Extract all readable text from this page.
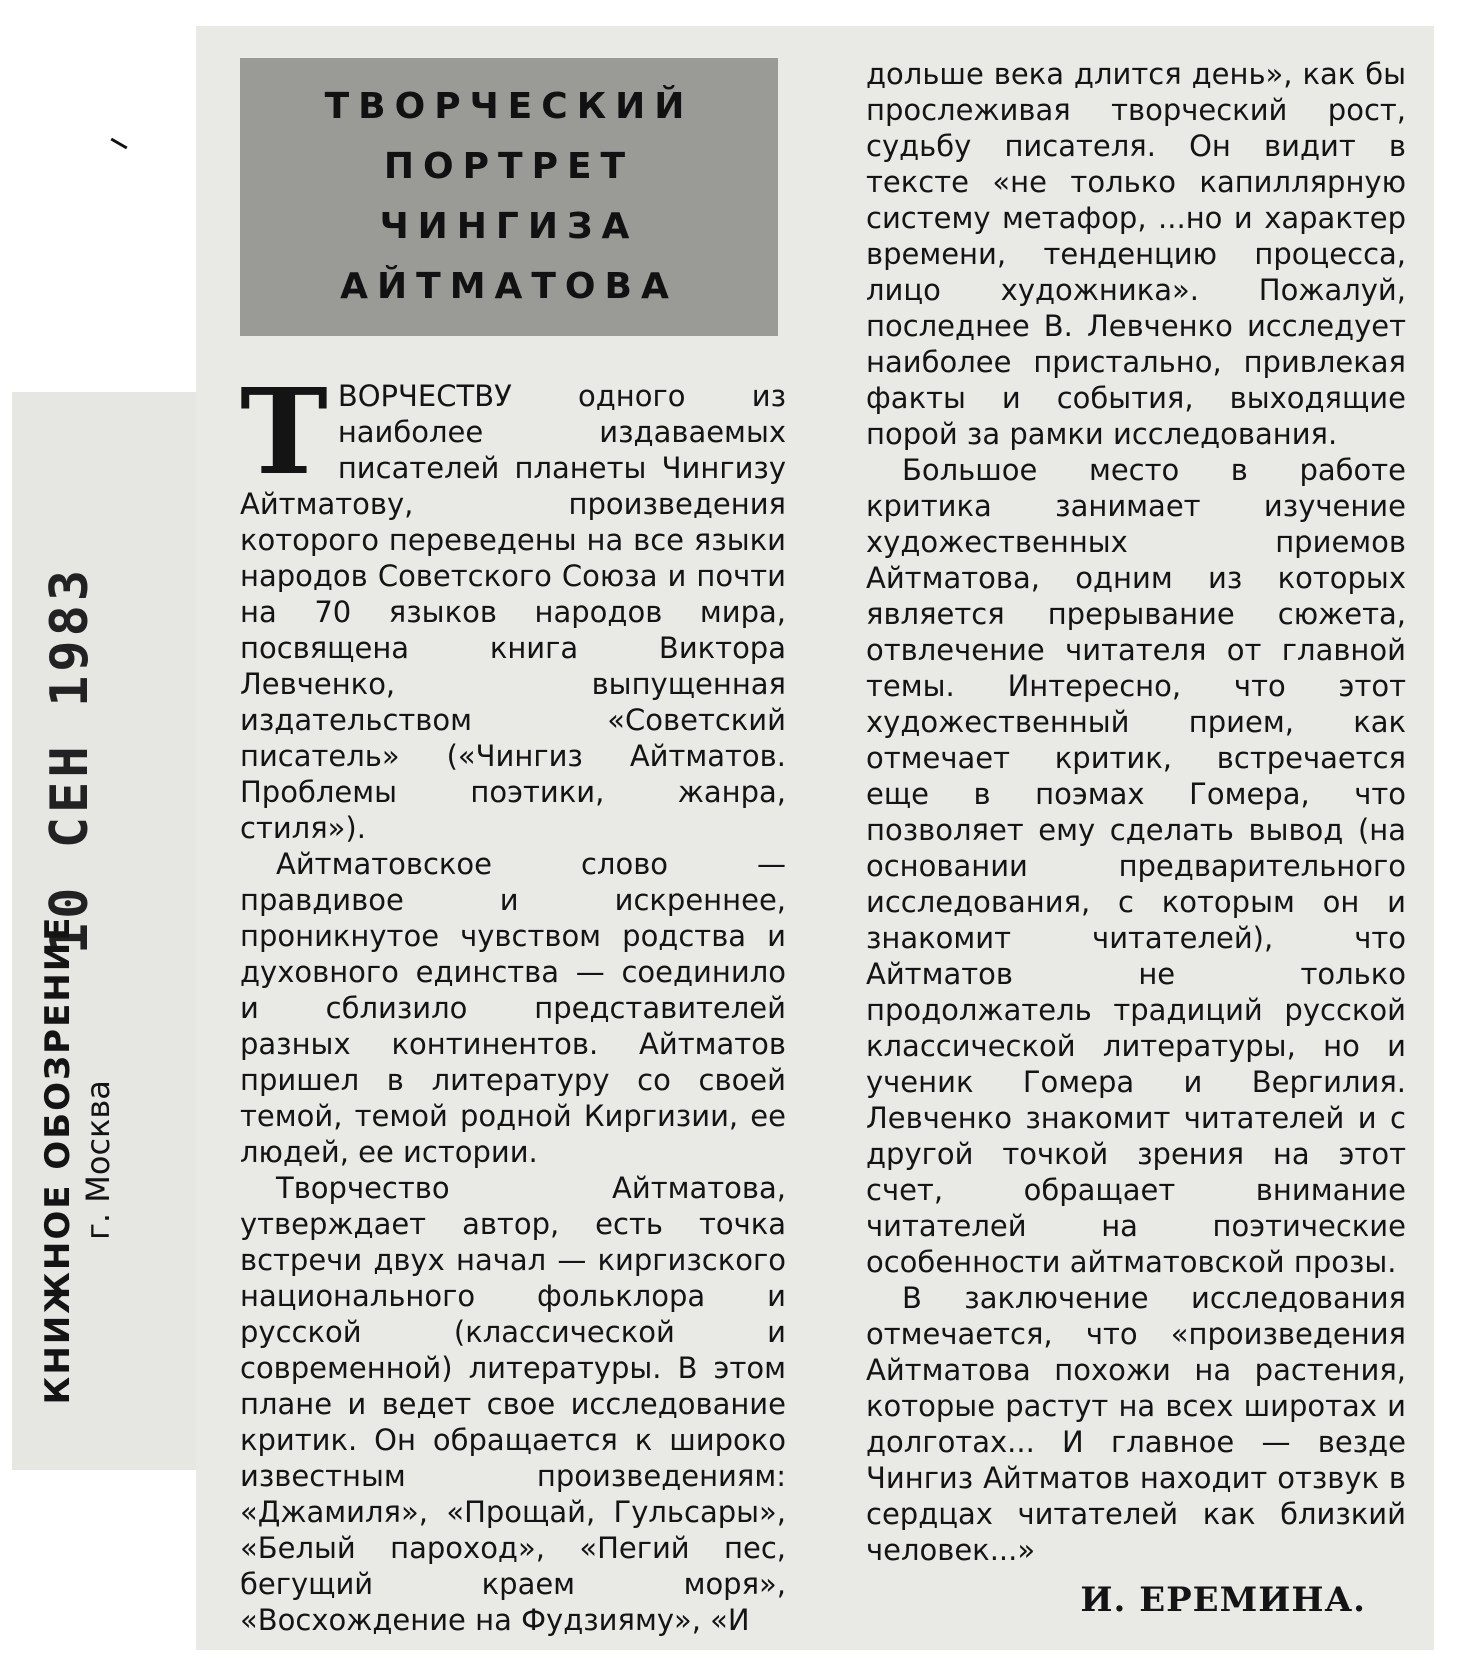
10 СЕН 1983
КНИЖНОЕ ОБОЗРЕНИЕ г. Москва
ТВОРЧЕСКИЙ
ПОРТРЕТ
ЧИНГИЗА
АЙТМАТОВА

ТВОРЧЕСТВУ одного из наиболее издаваемых писателей планеты Чингизу Айтматову, произведения которого переведены на все языки народов Советского Союза и почти на 70 языков народов мира, посвящена книга Виктора Левченко, выпущенная издательством «Советский писатель» («Чингиз Айтматов. Проблемы поэтики, жанра, стиля»).

Айтматовское слово — правдивое и искреннее, проникнутое чувством родства и духовного единства — соединило и сблизило представителей разных континентов. Айтматов пришел в литературу со своей темой, темой родной Киргизии, ее людей, ее истории.

Творчество Айтматова, утверждает автор, есть точка встречи двух начал — киргизского национального фольклора и русской (классической и современной) литературы. В этом плане и ведет свое исследование критик. Он обращается к широко известным произведениям: «Джамиля», «Прощай, Гульсары», «Белый пароход», «Пегий пес, бегущий краем моря», «Восхождение на Фудзияму», «И

дольше века длится день», как бы прослеживая творческий рост, судьбу писателя. Он видит в тексте «не только капиллярную систему метафор, ...но и характер времени, тенденцию процесса, лицо художника». Пожалуй, последнее В. Левченко исследует наиболее пристально, привлекая факты и события, выходящие порой за рамки исследования.

Большое место в работе критика занимает изучение художественных приемов Айтматова, одним из которых является прерывание сюжета, отвлечение читателя от главной темы. Интересно, что этот художественный прием, как отмечает критик, встречается еще в поэмах Гомера, что позволяет ему сделать вывод (на основании предварительного исследования, с которым он и знакомит читателей), что Айтматов не только продолжатель традиций русской классической литературы, но и ученик Гомера и Вергилия. Левченко знакомит читателей и с другой точкой зрения на этот счет, обращает внимание читателей на поэтические особенности айтматовской прозы.

В заключение исследования отмечается, что «произведения Айтматова похожи на растения, которые растут на всех широтах и долготах... И главное — везде Чингиз Айтматов находит отзвук в сердцах читателей как близкий человек...»

И. ЕРЕМИНА.
